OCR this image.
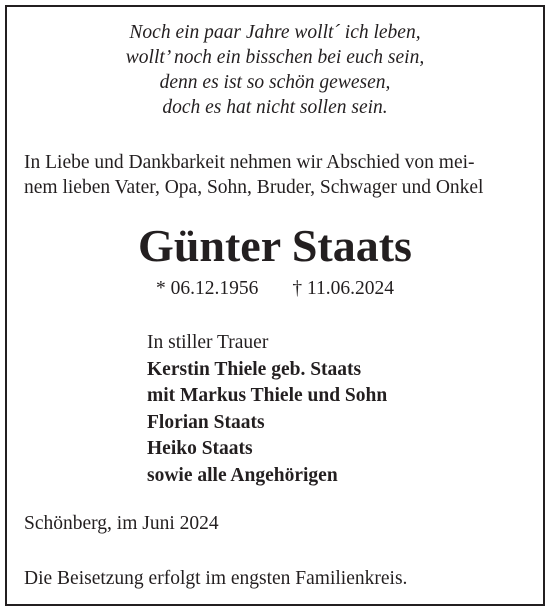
Noch ein paar Jahre wollt´ ich leben,
wollt’ noch ein bisschen bei euch sein,
denn es ist so schön gewesen,
doch es hat nicht sollen sein.
In Liebe und Dankbarkeit nehmen wir Abschied von mei-
nem lieben Vater, Opa, Sohn, Bruder, Schwager und Onkel
Günter Staats
* 06.12.1956 † 11.06.2024
In stiller Trauer
Kerstin Thiele geb. Staats
mit Markus Thiele und Sohn
Florian Staats
Heiko Staats
sowie alle Angehörigen
Schönberg, im Juni 2024
Die Beisetzung erfolgt im engsten Familienkreis.
